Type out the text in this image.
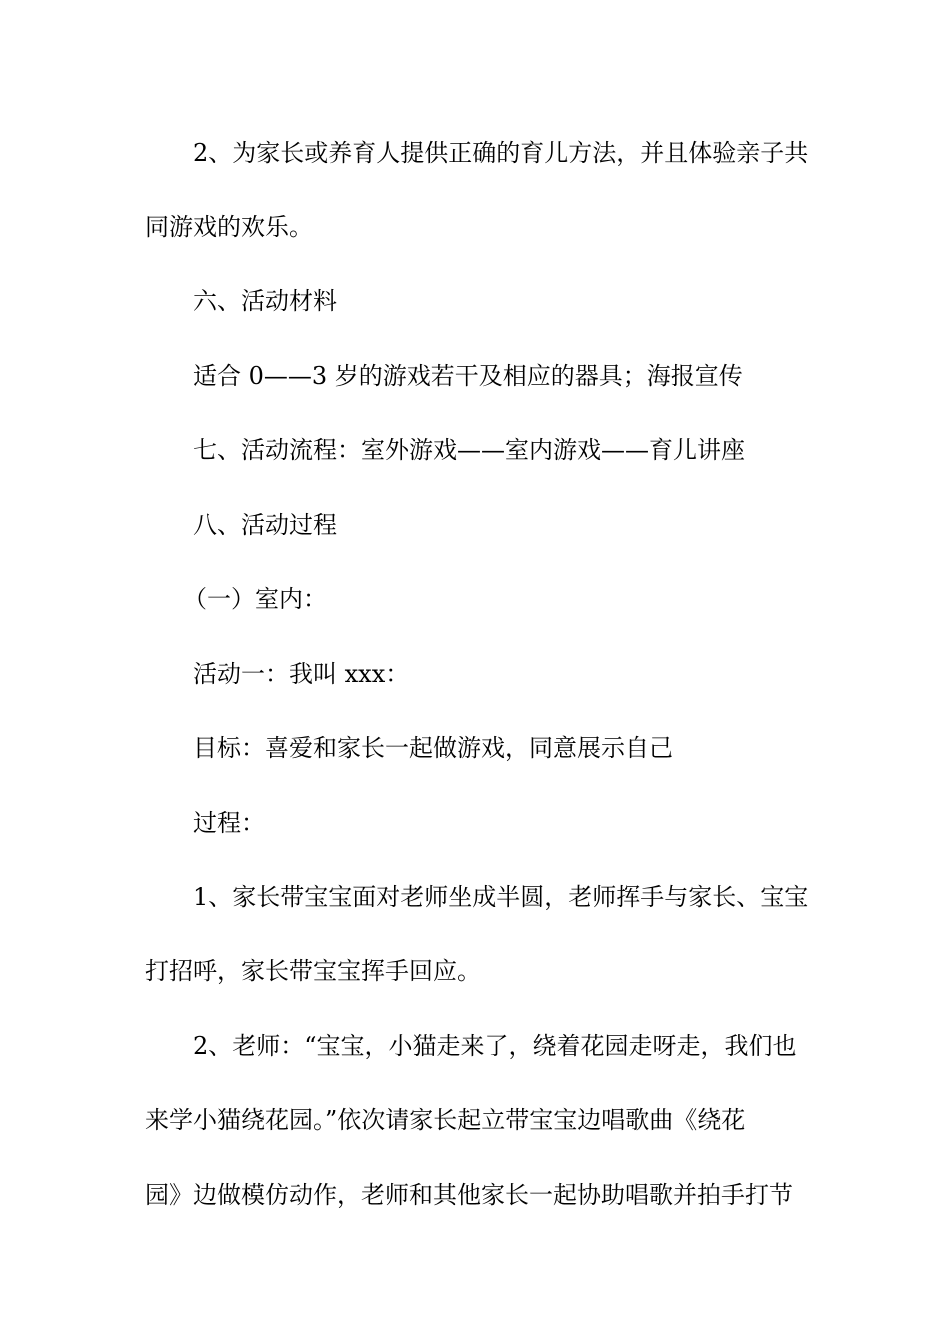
2、为家长或养育人提供正确的育儿方法，并且体验亲子共

同游戏的欢乐。

六、活动材料

适合 0——3 岁的游戏若干及相应的器具；海报宣传

七、活动流程：室外游戏——室内游戏——育儿讲座

八、活动过程

（一）室内：

活动一：我叫 xxx：

目标：喜爱和家长一起做游戏，同意展示自己

过程：

1、家长带宝宝面对老师坐成半圆，老师挥手与家长、宝宝

打招呼，家长带宝宝挥手回应。

2、老师：“宝宝，小猫走来了，绕着花园走呀走，我们也

来学小猫绕花园。”依次请家长起立带宝宝边唱歌曲《绕花

园》边做模仿动作，老师和其他家长一起协助唱歌并拍手打节
